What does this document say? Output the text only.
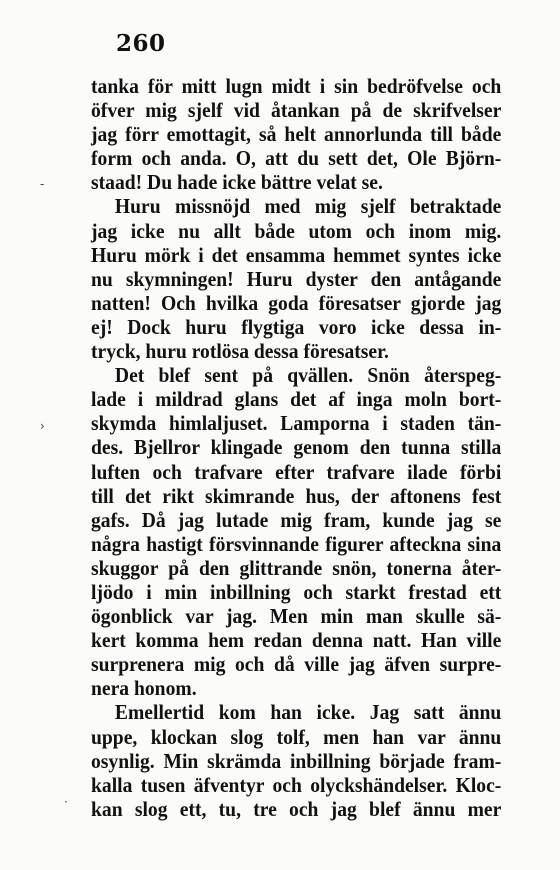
260
tanka för mitt lugn midt i sin bedröfvelse och
öfver mig sjelf vid åtankan på de skrifvelser
jag förr emottagit, så helt annorlunda till både
form och anda. O, att du sett det, Ole Björn-
staad! Du hade icke bättre velat se.
Huru missnöjd med mig sjelf betraktade
jag icke nu allt både utom och inom mig.
Huru mörk i det ensamma hemmet syntes icke
nu skymningen! Huru dyster den antågande
natten! Och hvilka goda föresatser gjorde jag
ej! Dock huru flygtiga voro icke dessa in-
tryck, huru rotlösa dessa föresatser.
Det blef sent på qvällen. Snön återspeg-
lade i mildrad glans det af inga moln bort-
skymda himlaljuset. Lamporna i staden tän-
des. Bjellror klingade genom den tunna stilla
luften och trafvare efter trafvare ilade förbi
till det rikt skimrande hus, der aftonens fest
gafs. Då jag lutade mig fram, kunde jag se
några hastigt försvinnande figurer afteckna sina
skuggor på den glittrande snön, tonerna åter-
ljödo i min inbillning och starkt frestad ett
ögonblick var jag. Men min man skulle sä-
kert komma hem redan denna natt. Han ville
surprenera mig och då ville jag äfven surpre-
nera honom.
Emellertid kom han icke. Jag satt ännu
uppe, klockan slog tolf, men han var ännu
osynlig. Min skrämda inbillning började fram-
kalla tusen äfventyr och olyckshändelser. Kloc-
kan slog ett, tu, tre och jag blef ännu mer
-
›
·
